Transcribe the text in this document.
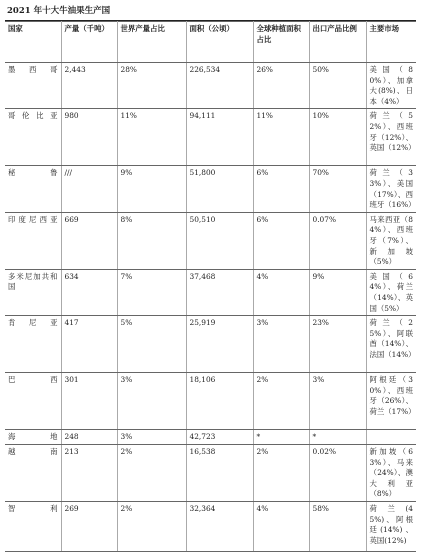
2021 年十大牛油果生产国
国家	产量（千吨）	世界产量占比	面积（公顷）	全球种植面积占比	出口产品比例	主要市场
墨西哥	2,443	28%	226,534	26%	50%	美国（80%）、加拿大(8%)、日本（4%）
哥伦比亚	980	11%	94,111	11%	10%	荷兰（52%）、西班牙（12%）、英国（12%）
秘鲁	///	9%	51,800	6%	70%	荷兰（33%）、美国（17%）、西班牙（16%）
印度尼西亚	669	8%	50,510	6%	0.07%	马来西亚（84%）、西班牙（7%）、新加坡（5%）
多米尼加共和国	634	7%	37,468	4%	9%	美国（64%）、荷兰（14%）、英国（5%）
肯尼亚	417	5%	25,919	3%	23%	荷兰（25%）、阿联酋（14%）、法国（14%）
巴西	301	3%	18,106	2%	3%	阿根廷（30%）、西班牙（26%）、荷兰（17%）
海地	248	3%	42,723	*	*	
越南	213	2%	16,538	2%	0.02%	新加坡（63%）、马来（24%）、澳大利亚（8%）
智利	269	2%	32,364	4%	58%	荷兰(45%)、阿根廷(14%)、英国(12%)
